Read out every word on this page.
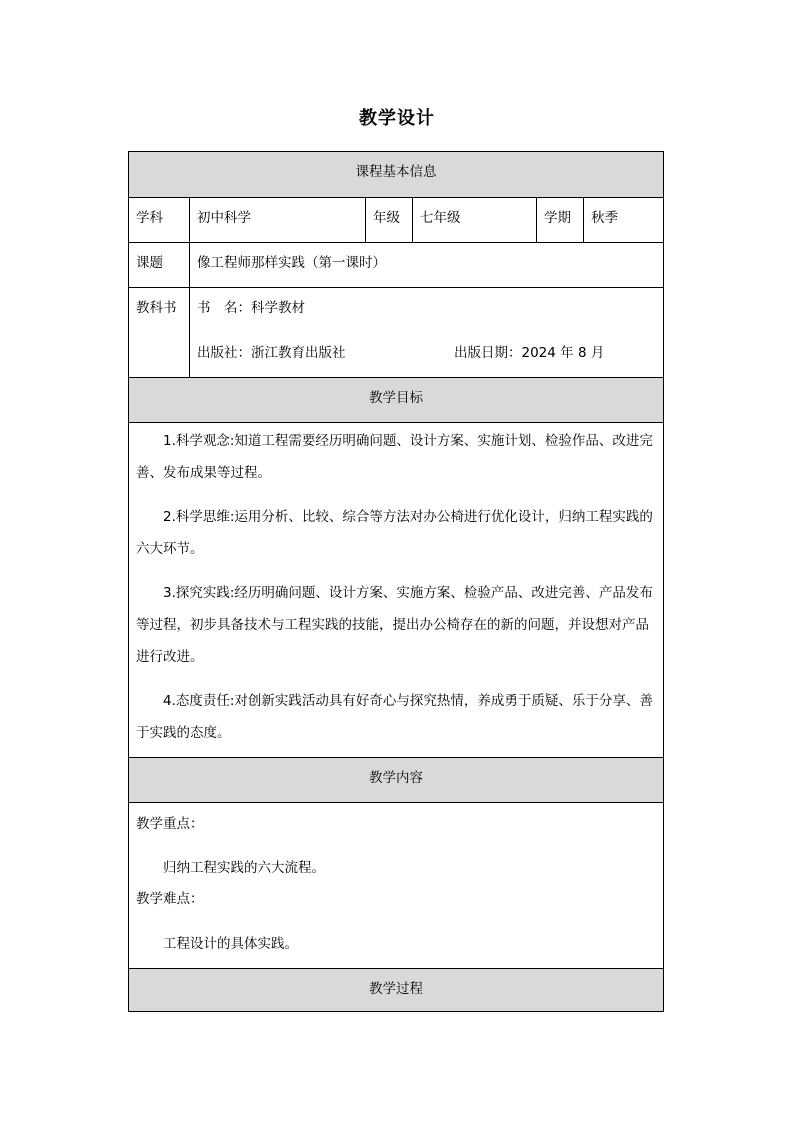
教学设计
课程基本信息
学科	初中科学	年级	七年级	学期	秋季
课题	像工程师那样实践（第一课时）
教科书	书　名：科学教材
出版社：浙江教育出版社	出版日期：2024 年 8 月
教学目标
1.科学观念:知道工程需要经历明确问题、设计方案、实施计划、检验作品、改进完善、发布成果等过程。
2.科学思维:运用分析、比较、综合等方法对办公椅进行优化设计，归纳工程实践的六大环节。
3.探究实践:经历明确问题、设计方案、实施方案、检验产品、改进完善、产品发布等过程，初步具备技术与工程实践的技能，提出办公椅存在的新的问题，并设想对产品进行改进。
4.态度责任:对创新实践活动具有好奇心与探究热情，养成勇于质疑、乐于分享、善于实践的态度。
教学内容
教学重点：
归纳工程实践的六大流程。
教学难点：
工程设计的具体实践。
教学过程
